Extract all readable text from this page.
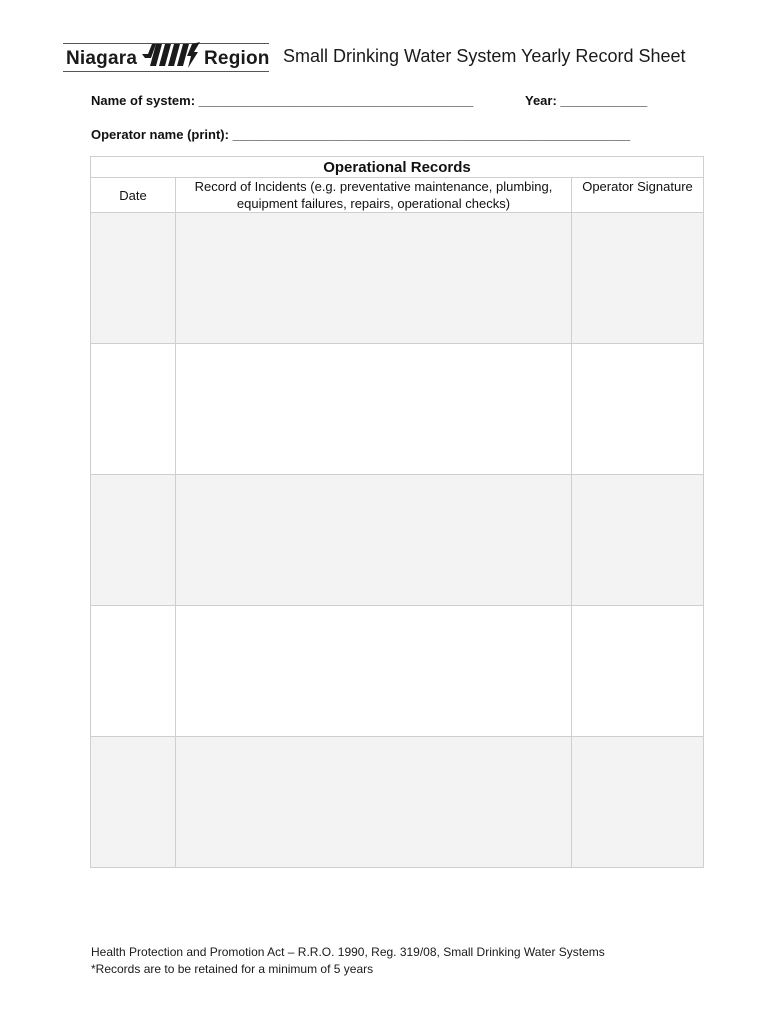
Niagara	Region Small Drinking Water System Yearly Record Sheet
Name of system: ______________________________________	Year: ____________
Operator name (print): _______________________________________________________
Operational Records		
Date	Record of Incidents (e.g. preventative maintenance, plumbing, equipment failures, repairs, operational checks)	Operator Signature

Health Protection and Promotion Act – R.R.O. 1990, Reg. 319/08, Small Drinking Water Systems
*Records are to be retained for a minimum of 5 years
